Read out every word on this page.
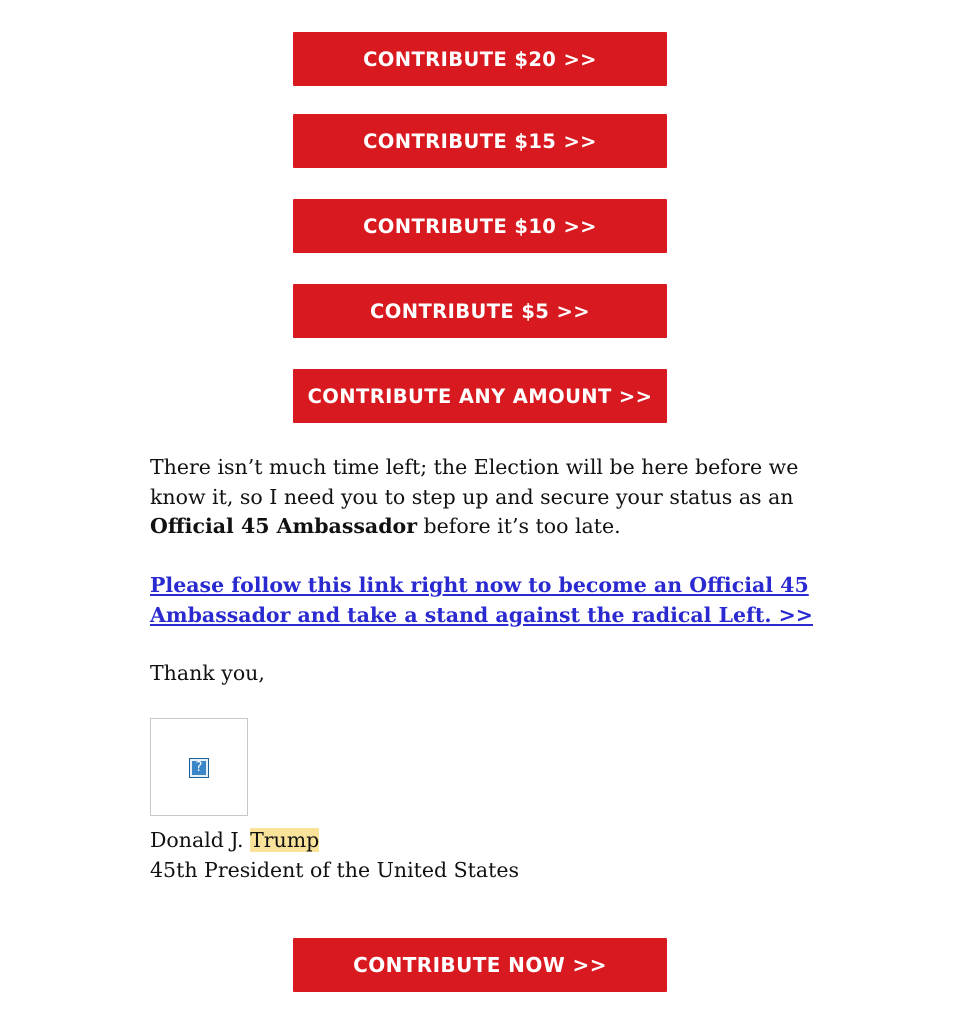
CONTRIBUTE $20 >>
CONTRIBUTE $15 >>
CONTRIBUTE $10 >>
CONTRIBUTE $5 >>
CONTRIBUTE ANY AMOUNT >>

There isn’t much time left; the Election will be here before we know it, so I need you to step up and secure your status as an Official 45 Ambassador before it’s too late.

Please follow this link right now to become an Official 45 Ambassador and take a stand against the radical Left. >>
Thank you,
?
Donald J. Trump
45th President of the United States
CONTRIBUTE NOW >>
